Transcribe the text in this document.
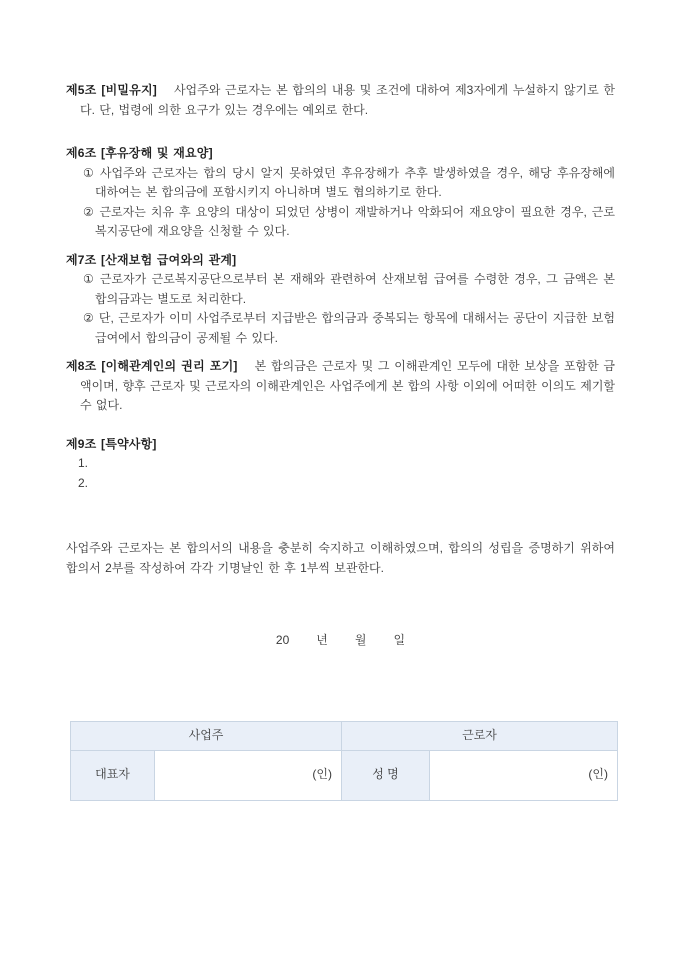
제5조 [비밀유지] 사업주와 근로자는 본 합의의 내용 및 조건에 대하여 제3자에게 누설하지 않기로 한다. 단, 법령에 의한 요구가 있는 경우에는 예외로 한다.

제6조 [후유장해 및 재요양]

① 사업주와 근로자는 합의 당시 알지 못하였던 후유장해가 추후 발생하였을 경우, 해당 후유장해에 대하여는 본 합의금에 포함시키지 아니하며 별도 협의하기로 한다.

② 근로자는 치유 후 요양의 대상이 되었던 상병이 재발하거나 악화되어 재요양이 필요한 경우, 근로복지공단에 재요양을 신청할 수 있다.

제7조 [산재보험 급여와의 관계]

① 근로자가 근로복지공단으로부터 본 재해와 관련하여 산재보험 급여를 수령한 경우, 그 금액은 본 합의금과는 별도로 처리한다.

② 단, 근로자가 이미 사업주로부터 지급받은 합의금과 중복되는 항목에 대해서는 공단이 지급한 보험급여에서 합의금이 공제될 수 있다.

제8조 [이해관계인의 권리 포기] 본 합의금은 근로자 및 그 이해관계인 모두에 대한 보상을 포함한 금액이며, 향후 근로자 및 근로자의 이해관계인은 사업주에게 본 합의 사항 이외에 어떠한 이의도 제기할 수 없다.

제9조 [특약사항]

1.

2.

사업주와 근로자는 본 합의서의 내용을 충분히 숙지하고 이해하였으며, 합의의 성립을 증명하기 위하여 합의서 2부를 작성하여 각각 기명날인 한 후 1부씩 보관한다.

20 년 월 일
사업주		근로자	
대표자	(인)	성 명	(인)
